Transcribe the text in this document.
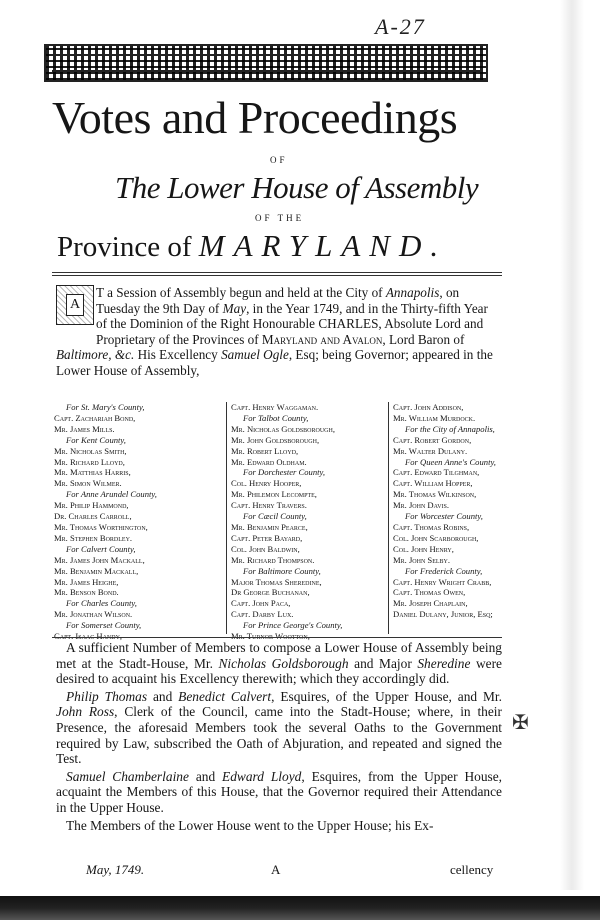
A-27
Votes and Proceedings
OF
The Lower House of Assembly
OF THE
Province of MARYLAND.
A
T a Session of Assembly begun and held at the City of Annapolis, on Tuesday the 9th Day of May, in the Year 1749, and in the Thirty-fifth Year of the Dominion of the Right Honourable CHARLES, Absolute Lord and Proprietary of the Provinces of Maryland and Avalon, Lord Baron of Baltimore, &c. His Excellency Samuel Ogle, Esq; being Governor; appeared in the Lower House of Assembly,
For St. Mary's County,
Capt. Zachariah Bond,
Mr. James Mills.
For Kent County,
Mr. Nicholas Smith,
Mr. Richard Lloyd,
Mr. Matthias Harris,
Mr. Simon Wilmer.
For Anne Arundel County,
Mr. Philip Hammond,
Dr. Charles Carroll,
Mr. Thomas Worthington,
Mr. Stephen Bordley.
For Calvert County,
Mr. James John Mackall,
Mr. Benjamin Mackall,
Mr. James Heighe,
Mr. Benson Bond.
For Charles County,
Mr. Jonathan Wilson.
For Somerset County,
Capt. Isaac Handy,
Capt. Henry Waggaman.
For Talbot County,
Mr. Nicholas Goldsborough,
Mr. John Goldsborough,
Mr. Robert Lloyd,
Mr. Edward Oldham.
For Dorchester County,
Col. Henry Hooper,
Mr. Philemon Lecompte,
Capt. Henry Travers.
For Cæcil County,
Mr. Benjamin Pearce,
Capt. Peter Bayard,
Col. John Baldwin,
Mr. Richard Thompson.
For Baltimore County,
Major Thomas Sheredine,
Dr George Buchanan,
Capt. John Paca,
Capt. Darby Lux.
For Prince George's County,
Mr. Turnor Wootton,
Capt. John Addison,
Mr. William Murdock.
For the City of Annapolis,
Capt. Robert Gordon,
Mr. Walter Dulany.
For Queen Anne's County,
Capt. Edward Tilghman,
Capt. William Hopper,
Mr. Thomas Wilkinson,
Mr. John Davis.
For Worcester County,
Capt. Thomas Robins,
Col. John Scarborough,
Col. John Henry,
Mr. John Selby.
For Frederick County,
Capt. Henry Wright Crabb,
Capt. Thomas Owen,
Mr. Joseph Chaplain,
Daniel Dulany, Junior, Esq;

A sufficient Number of Members to compose a Lower House of Assembly being met at the Stadt-House, Mr. Nicholas Goldsborough and Major Sheredine were desired to acquaint his Excellency therewith; which they accordingly did.

Philip Thomas and Benedict Calvert, Esquires, of the Upper House, and Mr. John Ross, Clerk of the Council, came into the Stadt-House; where, in their Presence, the aforesaid Members took the several Oaths to the Government required by Law, subscribed the Oath of Abjuration, and repeated and signed the Test.

Samuel Chamberlaine and Edward Lloyd, Esquires, from the Upper House, acquaint the Members of this House, that the Governor required their Attendance in the Upper House.

The Members of the Lower House went to the Upper House; his Ex-

May, 1749.	A	cellency
✠
